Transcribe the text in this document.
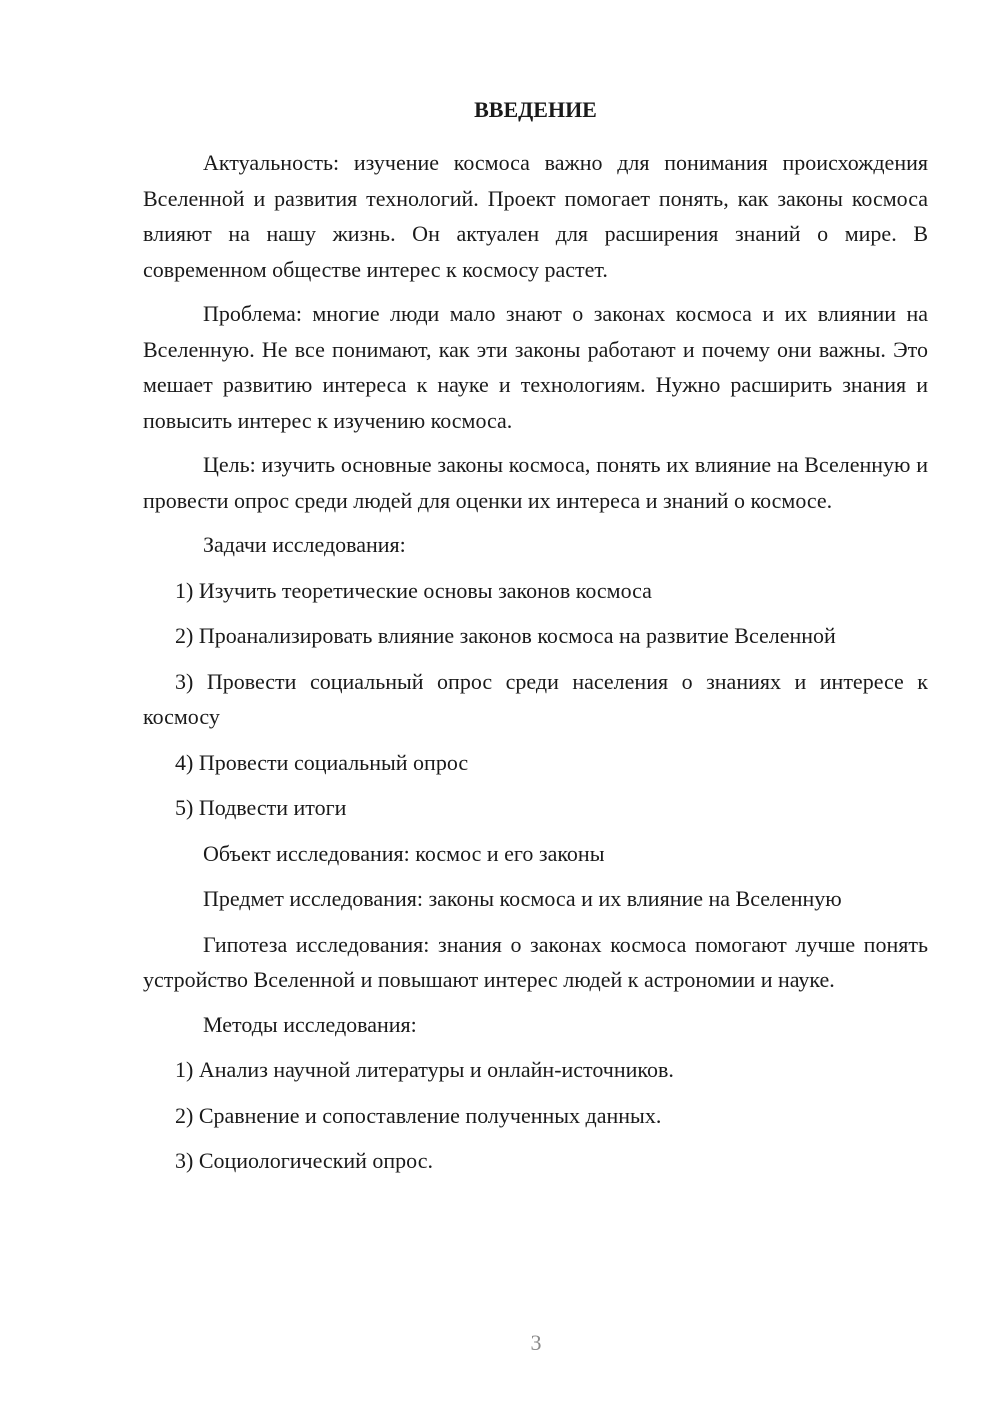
ВВЕДЕНИЕ

Актуальность: изучение космоса важно для понимания происхождения Вселенной и развития технологий. Проект помогает понять, как законы космоса влияют на нашу жизнь. Он актуален для расширения знаний о мире. В современном обществе интерес к космосу растет.

Проблема: многие люди мало знают о законах космоса и их влиянии на Вселенную. Не все понимают, как эти законы работают и почему они важны. Это мешает развитию интереса к науке и технологиям. Нужно расширить знания и повысить интерес к изучению космоса.

Цель: изучить основные законы космоса, понять их влияние на Вселенную и провести опрос среди людей для оценки их интереса и знаний о космосе.

Задачи исследования:

1) Изучить теоретические основы законов космоса

2) Проанализировать влияние законов космоса на развитие Вселенной

3) Провести социальный опрос среди населения о знаниях и интересе к космосу

4) Провести социальный опрос

5) Подвести итоги

Объект исследования: космос и его законы

Предмет исследования: законы космоса и их влияние на Вселенную

Гипотеза исследования: знания о законах космоса помогают лучше понять устройство Вселенной и повышают интерес людей к астрономии и науке.

Методы исследования:

1) Анализ научной литературы и онлайн-источников.

2) Сравнение и сопоставление полученных данных.

3) Социологический опрос.

3
